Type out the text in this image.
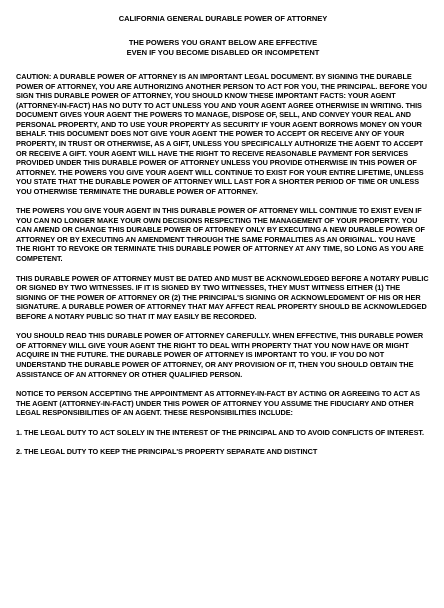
CALIFORNIA GENERAL DURABLE POWER OF ATTORNEY
THE POWERS YOU GRANT BELOW ARE EFFECTIVE
EVEN IF YOU BECOME DISABLED OR INCOMPETENT

CAUTION: A DURABLE POWER OF ATTORNEY IS AN IMPORTANT LEGAL DOCUMENT. BY SIGNING THE DURABLE POWER OF ATTORNEY, YOU ARE AUTHORIZING ANOTHER PERSON TO ACT FOR YOU, THE PRINCIPAL. BEFORE YOU SIGN THIS DURABLE POWER OF ATTORNEY, YOU SHOULD KNOW THESE IMPORTANT FACTS: YOUR AGENT (ATTORNEY-IN-FACT) HAS NO DUTY TO ACT UNLESS YOU AND YOUR AGENT AGREE OTHERWISE IN WRITING. THIS DOCUMENT GIVES YOUR AGENT THE POWERS TO MANAGE, DISPOSE OF, SELL, AND CONVEY YOUR REAL AND PERSONAL PROPERTY, AND TO USE YOUR PROPERTY AS SECURITY IF YOUR AGENT BORROWS MONEY ON YOUR BEHALF. THIS DOCUMENT DOES NOT GIVE YOUR AGENT THE POWER TO ACCEPT OR RECEIVE ANY OF YOUR PROPERTY, IN TRUST OR OTHERWISE, AS A GIFT, UNLESS YOU SPECIFICALLY AUTHORIZE THE AGENT TO ACCEPT OR RECEIVE A GIFT. YOUR AGENT WILL HAVE THE RIGHT TO RECEIVE REASONABLE PAYMENT FOR SERVICES PROVIDED UNDER THIS DURABLE POWER OF ATTORNEY UNLESS YOU PROVIDE OTHERWISE IN THIS POWER OF ATTORNEY. THE POWERS YOU GIVE YOUR AGENT WILL CONTINUE TO EXIST FOR YOUR ENTIRE LIFETIME, UNLESS YOU STATE THAT THE DURABLE POWER OF ATTORNEY WILL LAST FOR A SHORTER PERIOD OF TIME OR UNLESS YOU OTHERWISE TERMINATE THE DURABLE POWER OF ATTORNEY.

THE POWERS YOU GIVE YOUR AGENT IN THIS DURABLE POWER OF ATTORNEY WILL CONTINUE TO EXIST EVEN IF YOU CAN NO LONGER MAKE YOUR OWN DECISIONS RESPECTING THE MANAGEMENT OF YOUR PROPERTY. YOU CAN AMEND OR CHANGE THIS DURABLE POWER OF ATTORNEY ONLY BY EXECUTING A NEW DURABLE POWER OF ATTORNEY OR BY EXECUTING AN AMENDMENT THROUGH THE SAME FORMALITIES AS AN ORIGINAL. YOU HAVE THE RIGHT TO REVOKE OR TERMINATE THIS DURABLE POWER OF ATTORNEY AT ANY TIME, SO LONG AS YOU ARE COMPETENT.

THIS DURABLE POWER OF ATTORNEY MUST BE DATED AND MUST BE ACKNOWLEDGED BEFORE A NOTARY PUBLIC OR SIGNED BY TWO WITNESSES. IF IT IS SIGNED BY TWO WITNESSES, THEY MUST WITNESS EITHER (1) THE SIGNING OF THE POWER OF ATTORNEY OR (2) THE PRINCIPAL'S SIGNING OR ACKNOWLEDGMENT OF HIS OR HER SIGNATURE. A DURABLE POWER OF ATTORNEY THAT MAY AFFECT REAL PROPERTY SHOULD BE ACKNOWLEDGED BEFORE A NOTARY PUBLIC SO THAT IT MAY EASILY BE RECORDED.

YOU SHOULD READ THIS DURABLE POWER OF ATTORNEY CAREFULLY. WHEN EFFECTIVE, THIS DURABLE POWER OF ATTORNEY WILL GIVE YOUR AGENT THE RIGHT TO DEAL WITH PROPERTY THAT YOU NOW HAVE OR MIGHT ACQUIRE IN THE FUTURE. THE DURABLE POWER OF ATTORNEY IS IMPORTANT TO YOU. IF YOU DO NOT UNDERSTAND THE DURABLE POWER OF ATTORNEY, OR ANY PROVISION OF IT, THEN YOU SHOULD OBTAIN THE ASSISTANCE OF AN ATTORNEY OR OTHER QUALIFIED PERSON.

NOTICE TO PERSON ACCEPTING THE APPOINTMENT AS ATTORNEY-IN-FACT BY ACTING OR AGREEING TO ACT AS THE AGENT (ATTORNEY-IN-FACT) UNDER THIS POWER OF ATTORNEY YOU ASSUME THE FIDUCIARY AND OTHER LEGAL RESPONSIBILITIES OF AN AGENT. THESE RESPONSIBILITIES INCLUDE:

1. THE LEGAL DUTY TO ACT SOLELY IN THE INTEREST OF THE PRINCIPAL AND TO AVOID CONFLICTS OF INTEREST.

2. THE LEGAL DUTY TO KEEP THE PRINCIPAL'S PROPERTY SEPARATE AND DISTINCT
